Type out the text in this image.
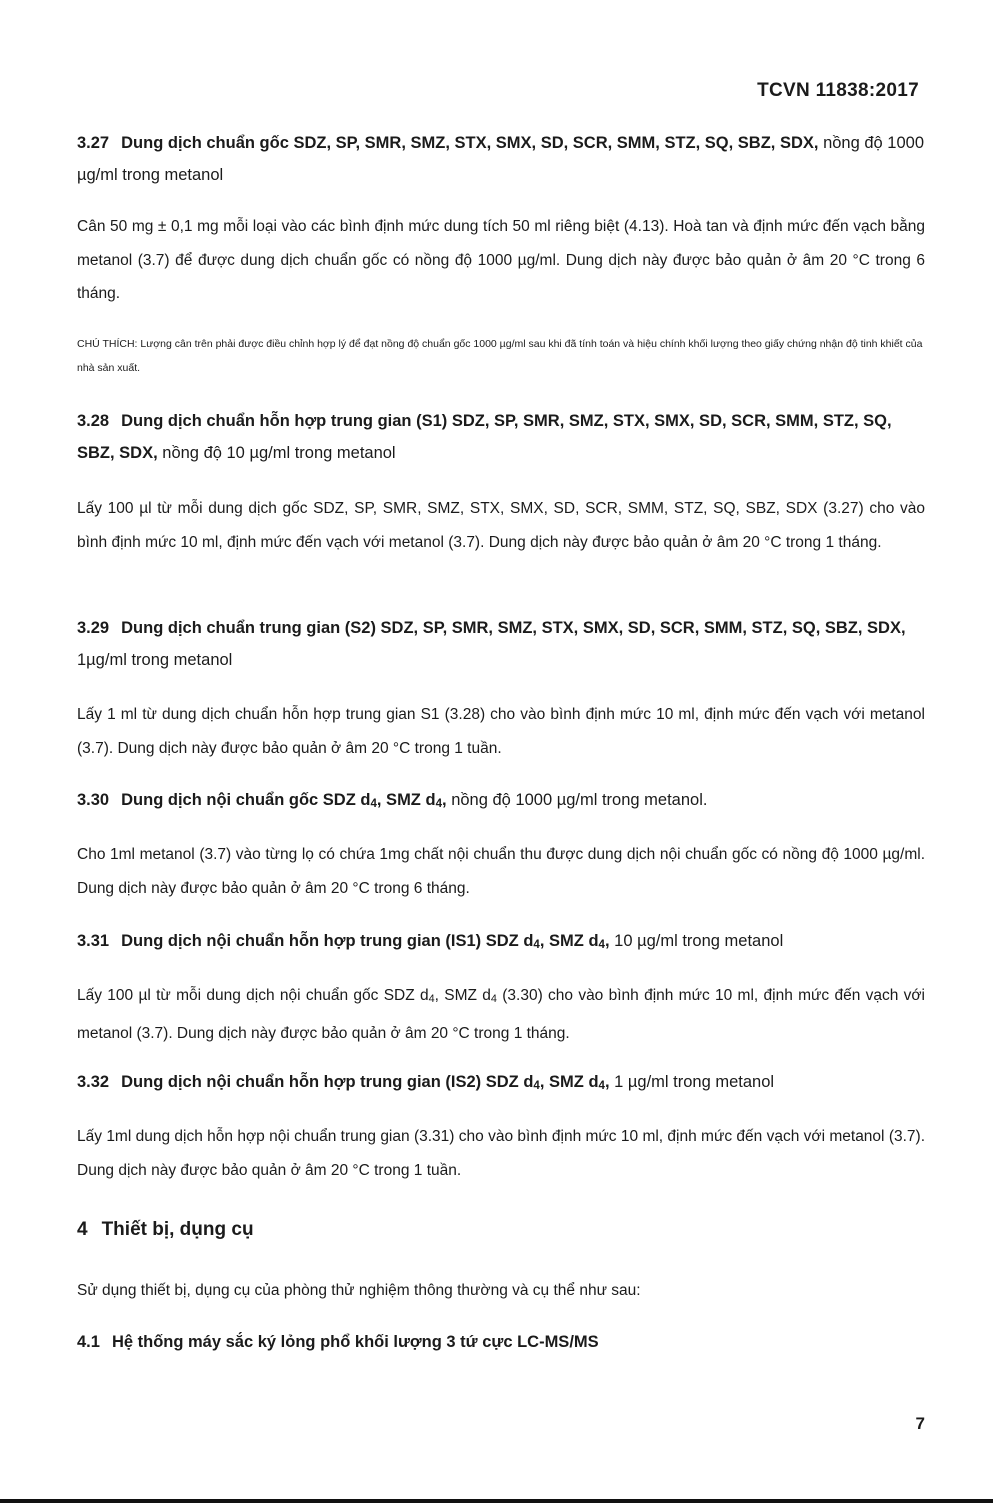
TCVN 11838:2017
3.27 Dung dịch chuẩn gốc SDZ, SP, SMR, SMZ, STX, SMX, SD, SCR, SMM, STZ, SQ, SBZ, SDX, nồng độ 1000 µg/ml trong metanol
Cân 50 mg ± 0,1 mg mỗi loại vào các bình định mức dung tích 50 ml riêng biệt (4.13). Hoà tan và định mức đến vạch bằng metanol (3.7) để được dung dịch chuẩn gốc có nồng độ 1000 µg/ml. Dung dịch này được bảo quản ở âm 20 °C trong 6 tháng.
CHÚ THÍCH: Lượng cân trên phải được điều chỉnh hợp lý để đạt nồng độ chuẩn gốc 1000 µg/ml sau khi đã tính toán và hiệu chính khối lượng theo giấy chứng nhận độ tinh khiết của nhà sản xuất.
3.28 Dung dịch chuẩn hỗn hợp trung gian (S1) SDZ, SP, SMR, SMZ, STX, SMX, SD, SCR, SMM, STZ, SQ, SBZ, SDX, nồng độ 10 µg/ml trong metanol
Lấy 100 µl từ mỗi dung dịch gốc SDZ, SP, SMR, SMZ, STX, SMX, SD, SCR, SMM, STZ, SQ, SBZ, SDX (3.27) cho vào bình định mức 10 ml, định mức đến vạch với metanol (3.7). Dung dịch này được bảo quản ở âm 20 °C trong 1 tháng.
3.29 Dung dịch chuẩn trung gian (S2) SDZ, SP, SMR, SMZ, STX, SMX, SD, SCR, SMM, STZ, SQ, SBZ, SDX, 1µg/ml trong metanol
Lấy 1 ml từ dung dịch chuẩn hỗn hợp trung gian S1 (3.28) cho vào bình định mức 10 ml, định mức đến vạch với metanol (3.7). Dung dịch này được bảo quản ở âm 20 °C trong 1 tuần.
3.30 Dung dịch nội chuẩn gốc SDZ $d_4$, SMZ $d_4$, nồng độ 1000 µg/ml trong metanol.
Cho 1ml metanol (3.7) vào từng lọ có chứa 1mg chất nội chuẩn thu được dung dịch nội chuẩn gốc có nồng độ 1000 µg/ml. Dung dịch này được bảo quản ở âm 20 °C trong 6 tháng.
3.31 Dung dịch nội chuẩn hỗn hợp trung gian (IS1) SDZ $d_4$, SMZ $d_4$, 10 µg/ml trong metanol
Lấy 100 µl từ mỗi dung dịch nội chuẩn gốc SDZ $d_4$, SMZ $d_4$ (3.30) cho vào bình định mức 10 ml, định mức đến vạch với metanol (3.7). Dung dịch này được bảo quản ở âm 20 °C trong 1 tháng.
3.32 Dung dịch nội chuẩn hỗn hợp trung gian (IS2) SDZ $d_4$, SMZ $d_4$, 1 µg/ml trong metanol
Lấy 1ml dung dịch hỗn hợp nội chuẩn trung gian (3.31) cho vào bình định mức 10 ml, định mức đến vạch với metanol (3.7). Dung dịch này được bảo quản ở âm 20 °C trong 1 tuần.
4 Thiết bị, dụng cụ
Sử dụng thiết bị, dụng cụ của phòng thử nghiệm thông thường và cụ thể như sau:
4.1 Hệ thống máy sắc ký lỏng phổ khối lượng 3 tứ cực LC-MS/MS
7
